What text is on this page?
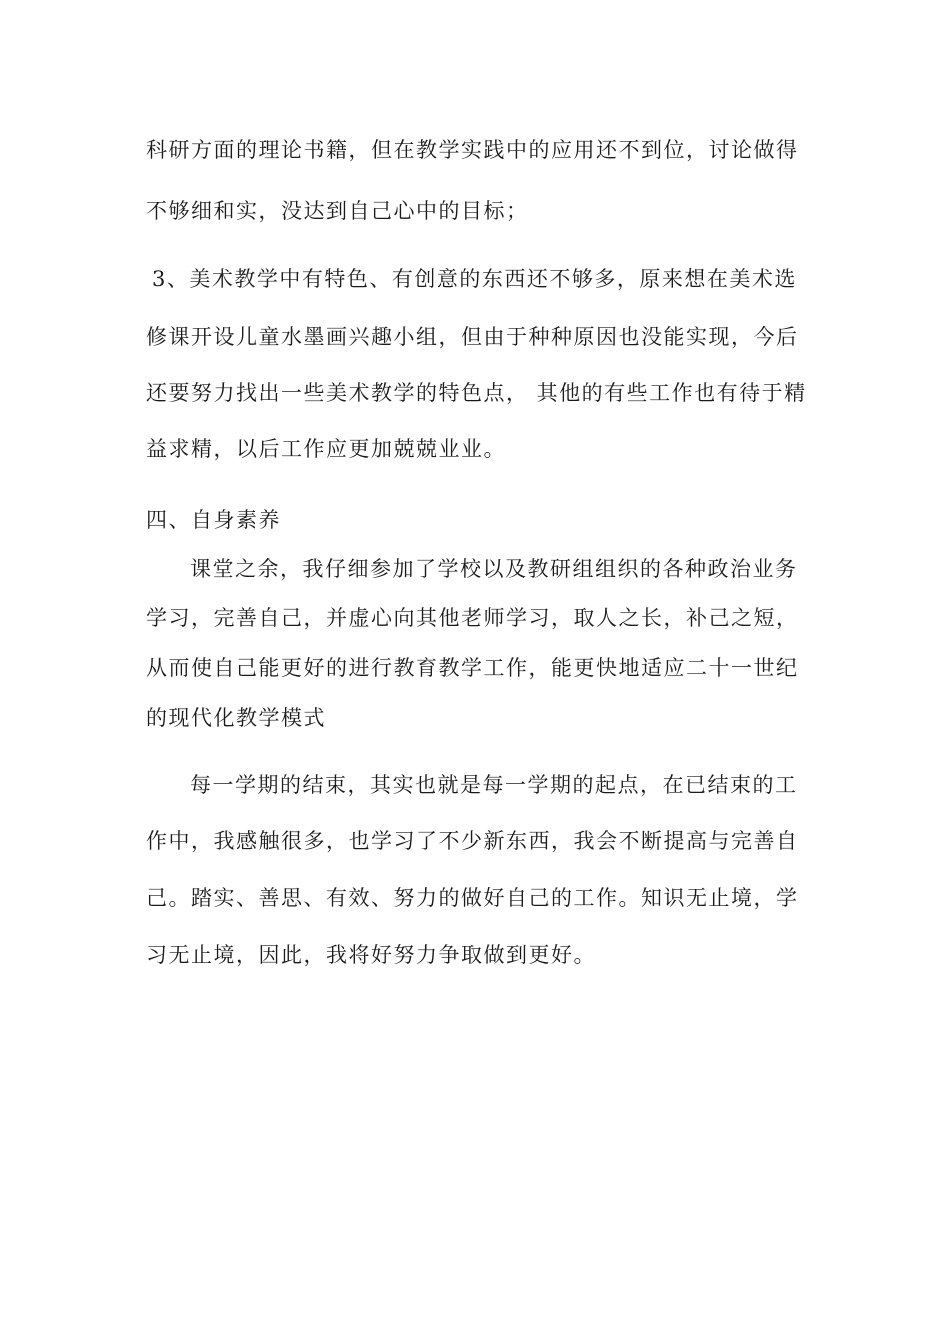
科研方面的理论书籍，但在教学实践中的应用还不到位，讨论做得
不够细和实，没达到自己心中的目标；
3、美术教学中有特色、有创意的东西还不够多，原来想在美术选
修课开设儿童水墨画兴趣小组，但由于种种原因也没能实现，今后
还要努力找出一些美术教学的特色点， 其他的有些工作也有待于精
益求精，以后工作应更加兢兢业业。
四、自身素养
课堂之余，我仔细参加了学校以及教研组组织的各种政治业务
学习，完善自己，并虚心向其他老师学习，取人之长，补己之短，
从而使自己能更好的进行教育教学工作，能更快地适应二十一世纪
的现代化教学模式
每一学期的结束，其实也就是每一学期的起点，在已结束的工
作中，我感触很多，也学习了不少新东西，我会不断提高与完善自
己。踏实、善思、有效、努力的做好自己的工作。知识无止境，学
习无止境，因此，我将好努力争取做到更好。
